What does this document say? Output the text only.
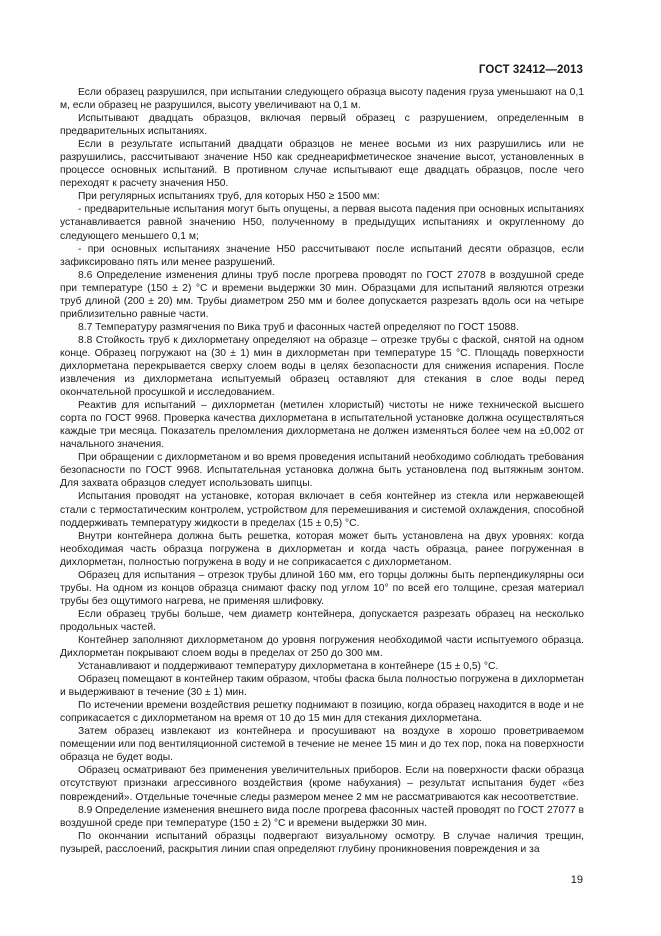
ГОСТ 32412—2013

Если образец разрушился, при испытании следующего образца высоту падения груза уменьшают на 0,1 м, если образец не разрушился, высоту увеличивают на 0,1 м.

Испытывают двадцать образцов, включая первый образец с разрушением, определенным в предварительных испытаниях.

Если в результате испытаний двадцати образцов не менее восьми из них разрушились или не разрушились, рассчитывают значение Н50 как среднеарифметическое значение высот, установленных в процессе основных испытаний. В противном случае испытывают еще двадцать образцов, после чего переходят к расчету значения Н50.

При регулярных испытаниях труб, для которых Н50 ≥ 1500 мм:

- предварительные испытания могут быть опущены, а первая высота падения при основных испытаниях устанавливается равной значению Н50, полученному в предыдущих испытаниях и округленному до следующего меньшего 0,1 м;

- при основных испытаниях значение Н50 рассчитывают после испытаний десяти образцов, если зафиксировано пять или менее разрушений.

8.6 Определение изменения длины труб после прогрева проводят по ГОСТ 27078 в воздушной среде при температуре (150 ± 2) °С и времени выдержки 30 мин. Образцами для испытаний являются отрезки труб длиной (200 ± 20) мм. Трубы диаметром 250 мм и более допускается разрезать вдоль оси на четыре приблизительно равные части.

8.7 Температуру размягчения по Вика труб и фасонных частей определяют по ГОСТ 15088.

8.8 Стойкость труб к дихлорметану определяют на образце – отрезке трубы с фаской, снятой на одном конце. Образец погружают на (30 ± 1) мин в дихлорметан при температуре 15 °С. Площадь поверхности дихлорметана перекрывается сверху слоем воды в целях безопасности для снижения испарения. После извлечения из дихлорметана испытуемый образец оставляют для стекания в слое воды перед окончательной просушкой и исследованием.

Реактив для испытаний – дихлорметан (метилен хлористый) чистоты не ниже технической высшего сорта по ГОСТ 9968. Проверка качества дихлорметана в испытательной установке должна осуществляться каждые три месяца. Показатель преломления дихлорметана не должен изменяться более чем на ±0,002 от начального значения.

При обращении с дихлорметаном и во время проведения испытаний необходимо соблюдать требования безопасности по ГОСТ 9968. Испытательная установка должна быть установлена под вытяжным зонтом. Для захвата образцов следует использовать шипцы.

Испытания проводят на установке, которая включает в себя контейнер из стекла или нержавеющей стали с термостатическим контролем, устройством для перемешивания и системой охлаждения, способной поддерживать температуру жидкости в пределах (15 ± 0,5) °С.

Внутри контейнера должна быть решетка, которая может быть установлена на двух уровнях: когда необходимая часть образца погружена в дихлорметан и когда часть образца, ранее погруженная в дихлорметан, полностью погружена в воду и не соприкасается с дихлорметаном.

Образец для испытания – отрезок трубы длиной 160 мм, его торцы должны быть перпендикулярны оси трубы. На одном из концов образца снимают фаску под углом 10° по всей его толщине, срезая материал трубы без ощутимого нагрева, не применяя шлифовку.

Если образец трубы больше, чем диаметр контейнера, допускается разрезать образец на несколько продольных частей.

Контейнер заполняют дихлорметаном до уровня погружения необходимой части испытуемого образца. Дихлорметан покрывают слоем воды в пределах от 250 до 300 мм.

Устанавливают и поддерживают температуру дихлорметана в контейнере (15 ± 0,5) °С.

Образец помещают в контейнер таким образом, чтобы фаска была полностью погружена в дихлорметан и выдерживают в течение (30 ± 1) мин.

По истечении времени воздействия решетку поднимают в позицию, когда образец находится в воде и не соприкасается с дихлорметаном на время от 10 до 15 мин для стекания дихлорметана.

Затем образец извлекают из контейнера и просушивают на воздухе в хорошо проветриваемом помещении или под вентиляционной системой в течение не менее 15 мин и до тех пор, пока на поверхности образца не будет воды.

Образец осматривают без применения увеличительных приборов. Если на поверхности фаски образца отсутствуют признаки агрессивного воздействия (кроме набухания) – результат испытания будет «без повреждений». Отдельные точечные следы размером менее 2 мм не рассматриваются как несоответствие.

8.9 Определение изменения внешнего вида после прогрева фасонных частей проводят по ГОСТ 27077 в воздушной среде при температуре (150 ± 2) °С и времени выдержки 30 мин.

По окончании испытаний образцы подвергают визуальному осмотру. В случае наличия трещин, пузырей, расслоений, раскрытия линии спая определяют глубину проникновения повреждения и за

19
